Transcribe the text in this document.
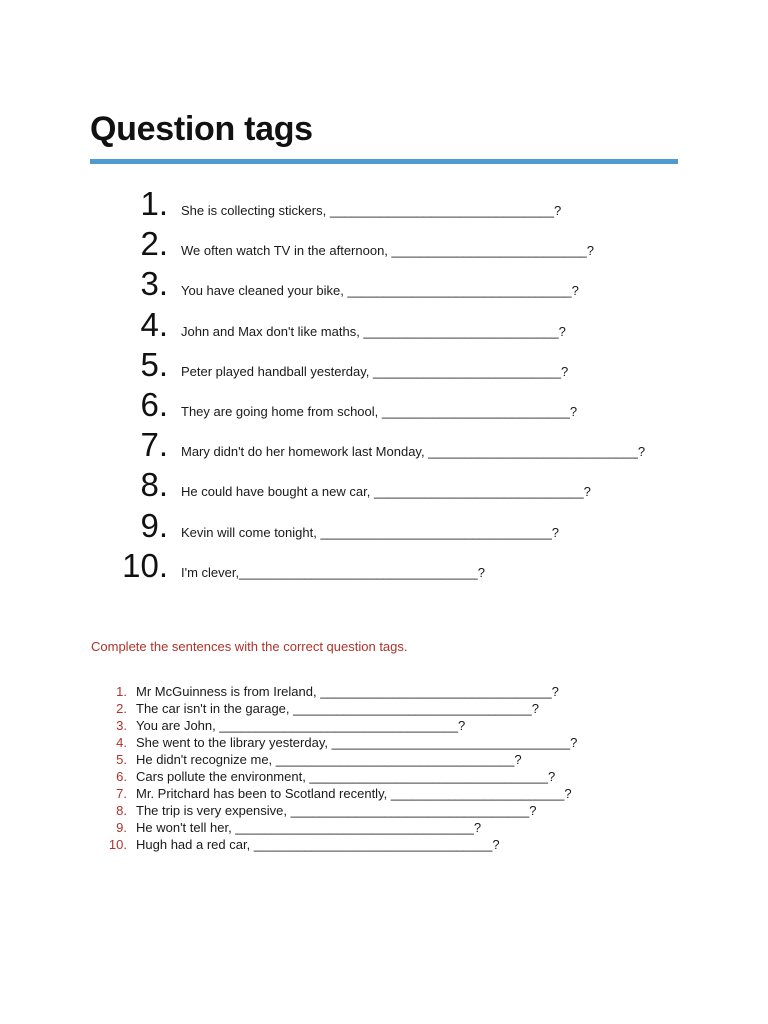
Question tags
1. She is collecting stickers, _______________________________?
2. We often watch TV in the afternoon, ___________________________?
3. You have cleaned your bike, _______________________________?
4. John and Max don't like maths, ___________________________?
5. Peter played handball yesterday, __________________________?
6. They are going home from school, __________________________?
7. Mary didn't do her homework last Monday, _____________________________?
8. He could have bought a new car, _____________________________?
9. Kevin will come tonight, ________________________________?
10. I'm clever,_________________________________?

Complete the sentences with the correct question tags.

1. Mr McGuinness is from Ireland, ________________________________?
2. The car isn't in the garage, _________________________________?
3. You are John, _________________________________?
4. She went to the library yesterday, _________________________________?
5. He didn't recognize me, _________________________________?
6. Cars pollute the environment, _________________________________?
7. Mr. Pritchard has been to Scotland recently, ________________________?
8. The trip is very expensive, _________________________________?
9. He won't tell her, _________________________________?
10. Hugh had a red car, _________________________________?
